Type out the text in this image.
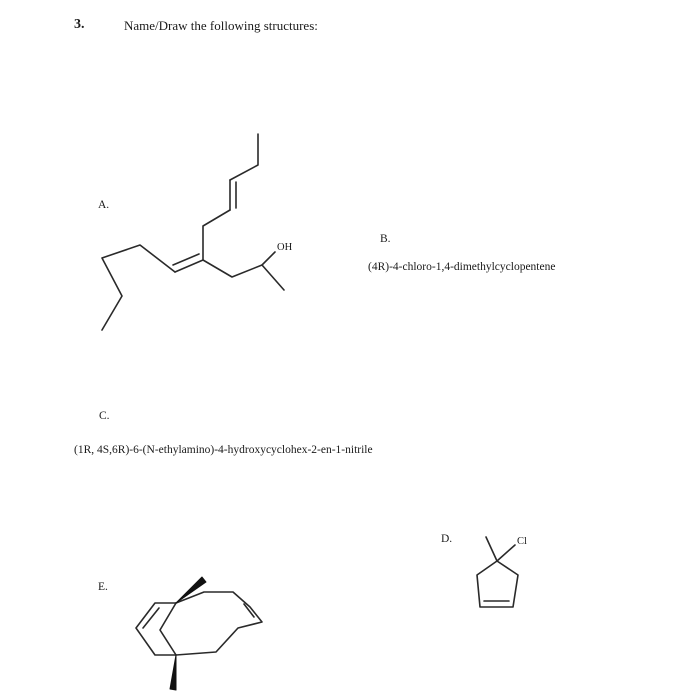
3.	Name/Draw the following structures:
A.
OH
B.
(4R)-4-chloro-1,4-dimethylcyclopentene
C.
(1R, 4S,6R)-6-(N-ethylamino)-4-hydroxycyclohex-2-en-1-nitrile
D.	Cl
E.
